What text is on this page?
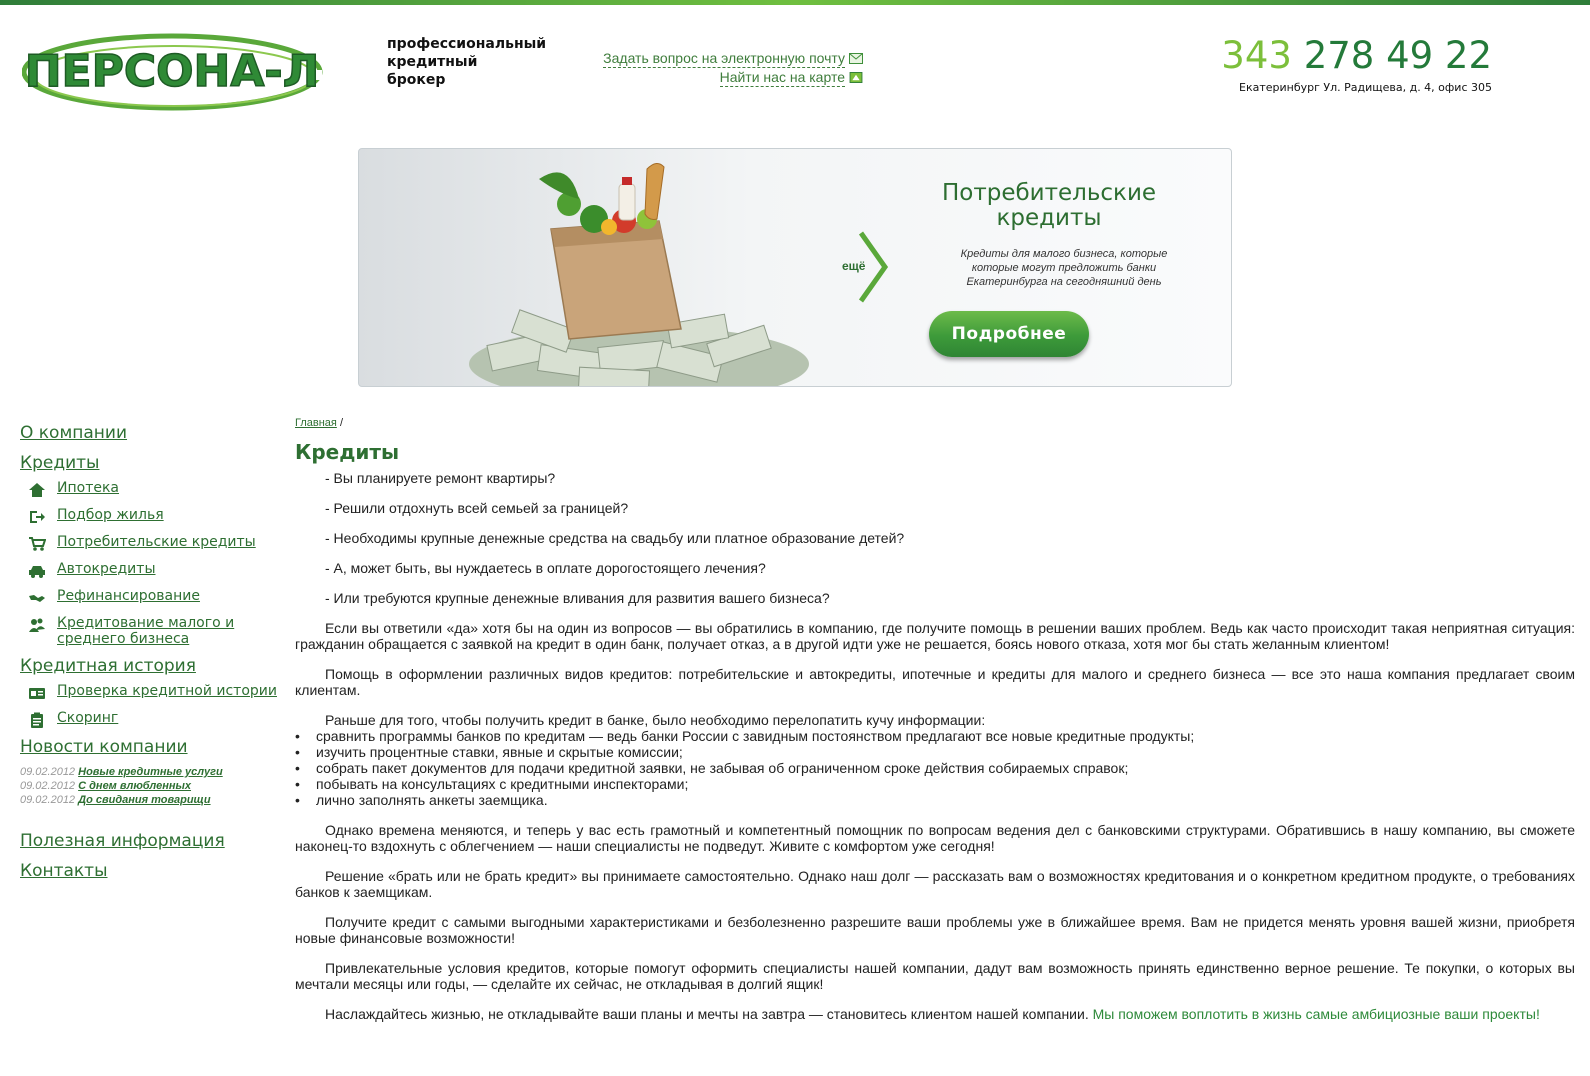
ПЕРСОНА-Л
профессиональный
кредитный
брокер
Задать вопрос на электронную почту
Найти нас на карте	343 278 49 22
Екатеринбург Ул. Радищева, д. 4, офис 305
ещё
Потребительские кредиты
Кредиты для малого бизнеса, которые которые могут предложить банки Екатеринбурга на сегодняшний день
Подробнее
О компании
Кредиты
Ипотека
Подбор жилья
Потребительские кредиты
Автокредиты
Рефинансирование
Кредитование малого и среднего бизнеса
Кредитная история
Проверка кредитной истории
Скоринг
Новости компании
09.02.2012 Новые кредитные услуги
09.02.2012 С днем влюбленных
09.02.2012 До свидания товарищи
Полезная информация
Контакты
Главная /
Кредиты
- Вы планируете ремонт квартиры?
- Решили отдохнуть всей семьей за границей?
- Необходимы крупные денежные средства на свадьбу или платное образование детей?
- А, может быть, вы нуждаетесь в оплате дорогостоящего лечения?
- Или требуются крупные денежные вливания для развития вашего бизнеса?
Если вы ответили «да» хотя бы на один из вопросов — вы обратились в компанию, где получите помощь в решении ваших проблем. Ведь как часто происходит такая неприятная ситуация: гражданин обращается с заявкой на кредит в один банк, получает отказ, а в другой идти уже не решается, боясь нового отказа, хотя мог бы стать желанным клиентом!
Помощь в оформлении различных видов кредитов: потребительские и автокредиты, ипотечные и кредиты для малого и среднего бизнеса — все это наша компания предлагает своим клиентам.
Раньше для того, чтобы получить кредит в банке, было необходимо перелопатить кучу информации:
• сравнить программы банков по кредитам — ведь банки России с завидным постоянством предлагают все новые кредитные продукты;
• изучить процентные ставки, явные и скрытые комиссии;
• собрать пакет документов для подачи кредитной заявки, не забывая об ограниченном сроке действия собираемых справок;
• побывать на консультациях с кредитными инспекторами;
• лично заполнять анкеты заемщика.
Однако времена меняются, и теперь у вас есть грамотный и компетентный помощник по вопросам ведения дел с банковскими структурами. Обратившись в нашу компанию, вы сможете наконец-то вздохнуть с облегчением — наши специалисты не подведут. Живите с комфортом уже сегодня!
Решение «брать или не брать кредит» вы принимаете самостоятельно. Однако наш долг — рассказать вам о возможностях кредитования и о конкретном кредитном продукте, о требованиях банков к заемщикам.
Получите кредит с самыми выгодными характеристиками и безболезненно разрешите ваши проблемы уже в ближайшее время. Вам не придется менять уровня вашей жизни, приобретя новые финансовые возможности!
Привлекательные условия кредитов, которые помогут оформить специалисты нашей компании, дадут вам возможность принять единственно верное решение. Те покупки, о которых вы мечтали месяцы или годы, — сделайте их сейчас, не откладывая в долгий ящик!
Наслаждайтесь жизнью, не откладывайте ваши планы и мечты на завтра — становитесь клиентом нашей компании. Мы поможем воплотить в жизнь самые амбициозные ваши проекты!
